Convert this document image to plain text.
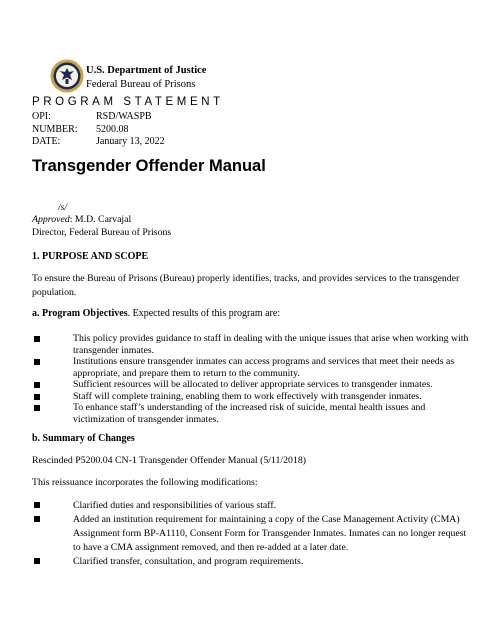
U.S. Department of Justice
Federal Bureau of Prisons
PROGRAM STATEMENT
OPI:	RSD/WASPB
NUMBER:	5200.08
DATE:	January 13, 2022
Transgender Offender Manual
/s/
Approved: M.D. Carvajal
Director, Federal Bureau of Prisons
1. PURPOSE AND SCOPE
To ensure the Bureau of Prisons (Bureau) properly identifies, tracks, and provides services to the transgender population.
a. Program Objectives. Expected results of this program are:
This policy provides guidance to staff in dealing with the unique issues that arise when working with transgender inmates.
Institutions ensure transgender inmates can access programs and services that meet their needs as appropriate, and prepare them to return to the community.
Sufficient resources will be allocated to deliver appropriate services to transgender inmates.
Staff will complete training, enabling them to work effectively with transgender inmates.
To enhance staff’s understanding of the increased risk of suicide, mental health issues and victimization of transgender inmates.
b. Summary of Changes
Rescinded P5200.04 CN-1 Transgender Offender Manual (5/11/2018)
This reissuance incorporates the following modifications:
Clarified duties and responsibilities of various staff.
Added an institution requirement for maintaining a copy of the Case Management Activity (CMA) Assignment form BP-A1110, Consent Form for Transgender Inmates. Inmates can no longer request to have a CMA assignment removed, and then re-added at a later date.
Clarified transfer, consultation, and program requirements.
